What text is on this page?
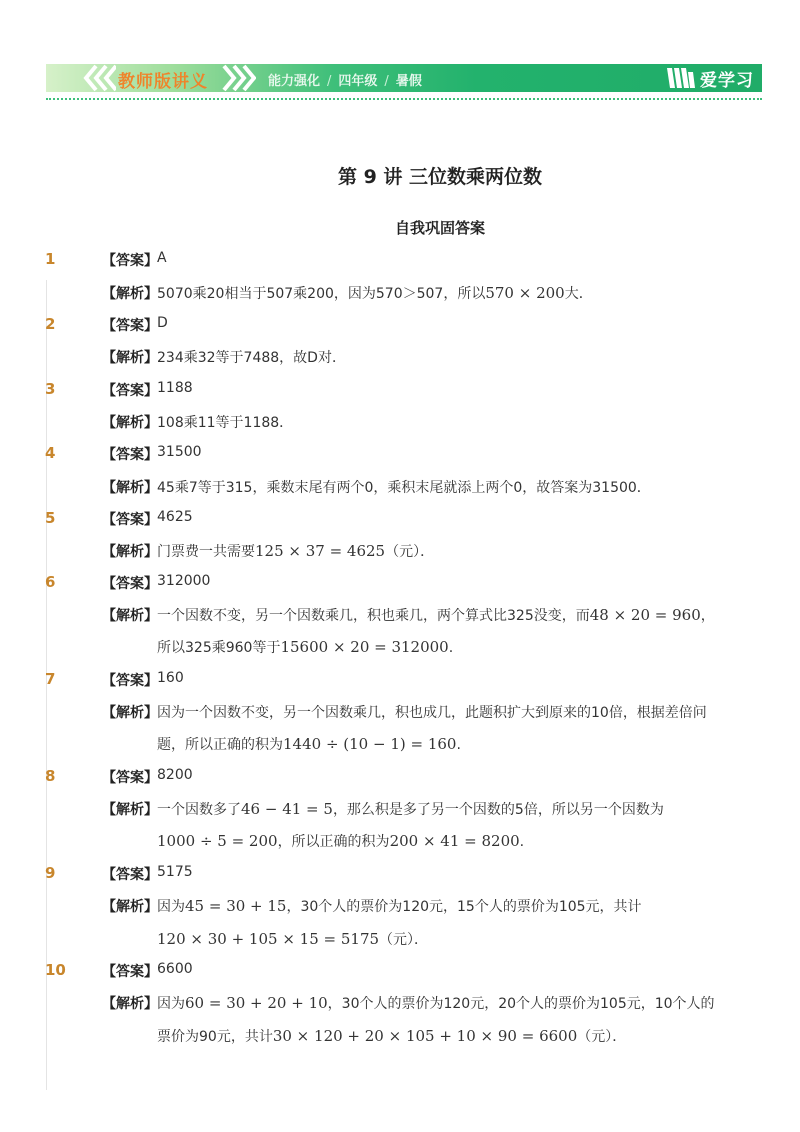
教师版讲义	能力强化 / 四年级 / 暑假	爱学习
第 9 讲 三位数乘两位数
自我巩固答案
1	【答案】 A
【解析】 5070乘20相当于507乘200，因为570＞507，所以570 × 200大．
2	【答案】 D
【解析】 234乘32等于7488，故D对．
3	【答案】 1188
【解析】 108乘11等于1188．
4	【答案】 31500
【解析】 45乘7等于315，乘数末尾有两个0，乘积末尾就添上两个0，故答案为31500．
5	【答案】 4625
【解析】 门票费一共需要125 × 37 = 4625（元）．
6	【答案】 312000
【解析】 一个因数不变，另一个因数乘几，积也乘几，两个算式比325没变，而48 × 20 = 960，
所以325乘960等于15600 × 20 = 312000.
7	【答案】 160
【解析】 因为一个因数不变，另一个因数乘几，积也成几，此题积扩大到原来的10倍，根据差倍问
题，所以正确的积为1440 ÷ (10 − 1) = 160.
8	【答案】 8200
【解析】 一个因数多了46 − 41 = 5，那么积是多了另一个因数的5倍，所以另一个因数为
1000 ÷ 5 = 200，所以正确的积为200 × 41 = 8200.
9	【答案】 5175
【解析】 因为45 = 30 + 15，30个人的票价为120元，15个人的票价为105元，共计
120 × 30 + 105 × 15 = 5175（元）．
10	【答案】 6600
【解析】 因为60 = 30 + 20 + 10，30个人的票价为120元，20个人的票价为105元，10个人的
票价为90元，共计30 × 120 + 20 × 105 + 10 × 90 = 6600（元）．
